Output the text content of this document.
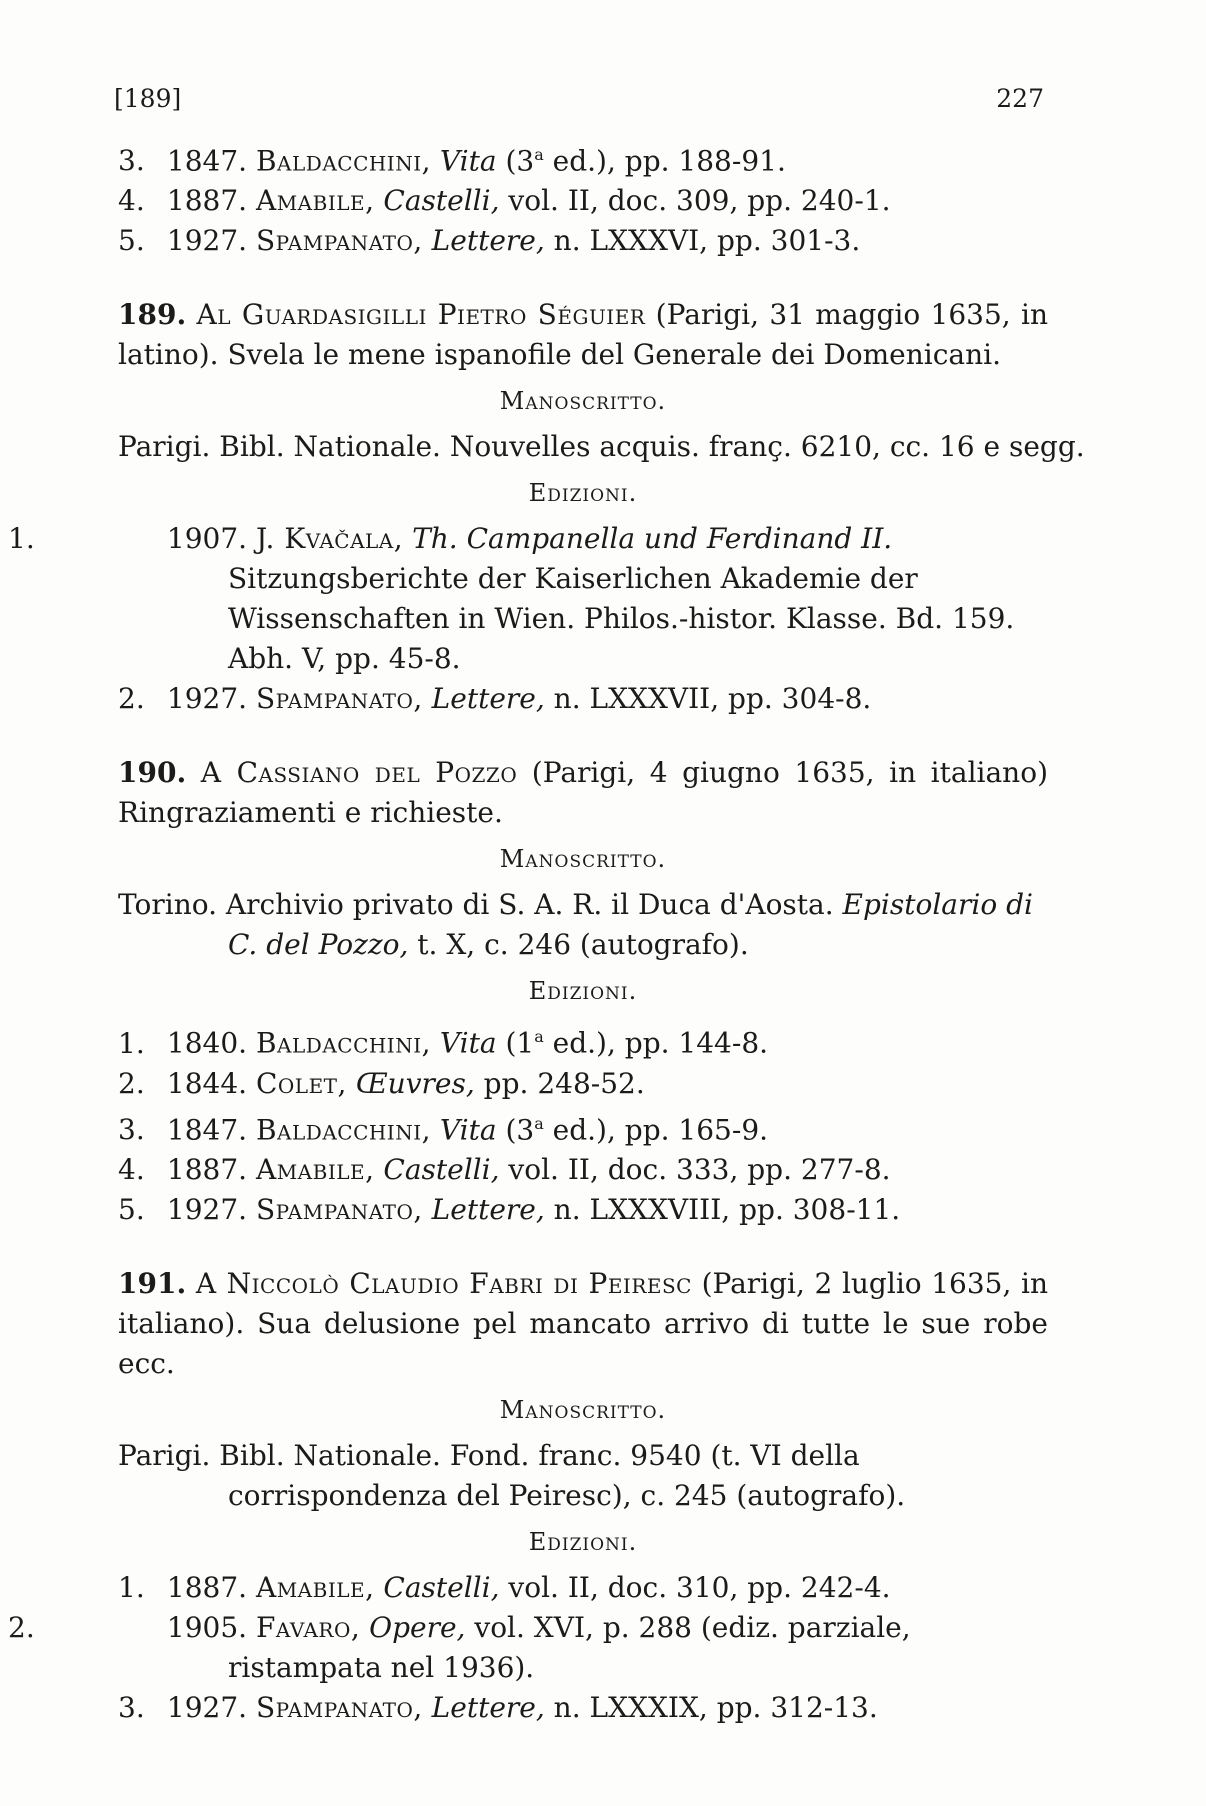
[189]	227
3. 1847. Baldacchini, Vita (3$^a$ ed.), pp. 188-91.
4. 1887. Amabile, Castelli, vol. II, doc. 309, pp. 240-1.
5. 1927. Spampanato, Lettere, n. LXXXVI, pp. 301-3.
189. Al Guardasigilli Pietro Séguier (Parigi, 31 maggio 1635, in latino). Svela le mene ispanofile del Generale dei Domenicani.
Manoscritto.
Parigi. Bibl. Nationale. Nouvelles acquis. franç. 6210, cc. 16 e segg.
Edizioni.
1.	1907. J. Kvačala, Th. Campanella und Ferdinand II. Sitzungsberichte der Kaiserlichen Akademie der Wissenschaften in Wien. Philos.-histor. Klasse. Bd. 159. Abh. V, pp. 45-8.
2. 1927. Spampanato, Lettere, n. LXXXVII, pp. 304-8.
190. A Cassiano del Pozzo (Parigi, 4 giugno 1635, in italiano) Ringraziamenti e richieste.
Manoscritto.
Torino. Archivio privato di S. A. R. il Duca d'Aosta. Epistolario di C. del Pozzo, t. X, c. 246 (autografo).
Edizioni.
1. 1840. Baldacchini, Vita (1$^a$ ed.), pp. 144-8.
2. 1844. Colet, Œuvres, pp. 248-52.
3. 1847. Baldacchini, Vita (3$^a$ ed.), pp. 165-9.
4. 1887. Amabile, Castelli, vol. II, doc. 333, pp. 277-8.
5. 1927. Spampanato, Lettere, n. LXXXVIII, pp. 308-11.
191. A Niccolò Claudio Fabri di Peiresc (Parigi, 2 luglio 1635, in italiano). Sua delusione pel mancato arrivo di tutte le sue robe ecc.
Manoscritto.
Parigi. Bibl. Nationale. Fond. franc. 9540 (t. VI della corrispondenza del Peiresc), c. 245 (autografo).
Edizioni.
1. 1887. Amabile, Castelli, vol. II, doc. 310, pp. 242-4.
2.	1905. Favaro, Opere, vol. XVI, p. 288 (ediz. parziale, ristampata nel 1936).
3. 1927. Spampanato, Lettere, n. LXXXIX, pp. 312-13.
